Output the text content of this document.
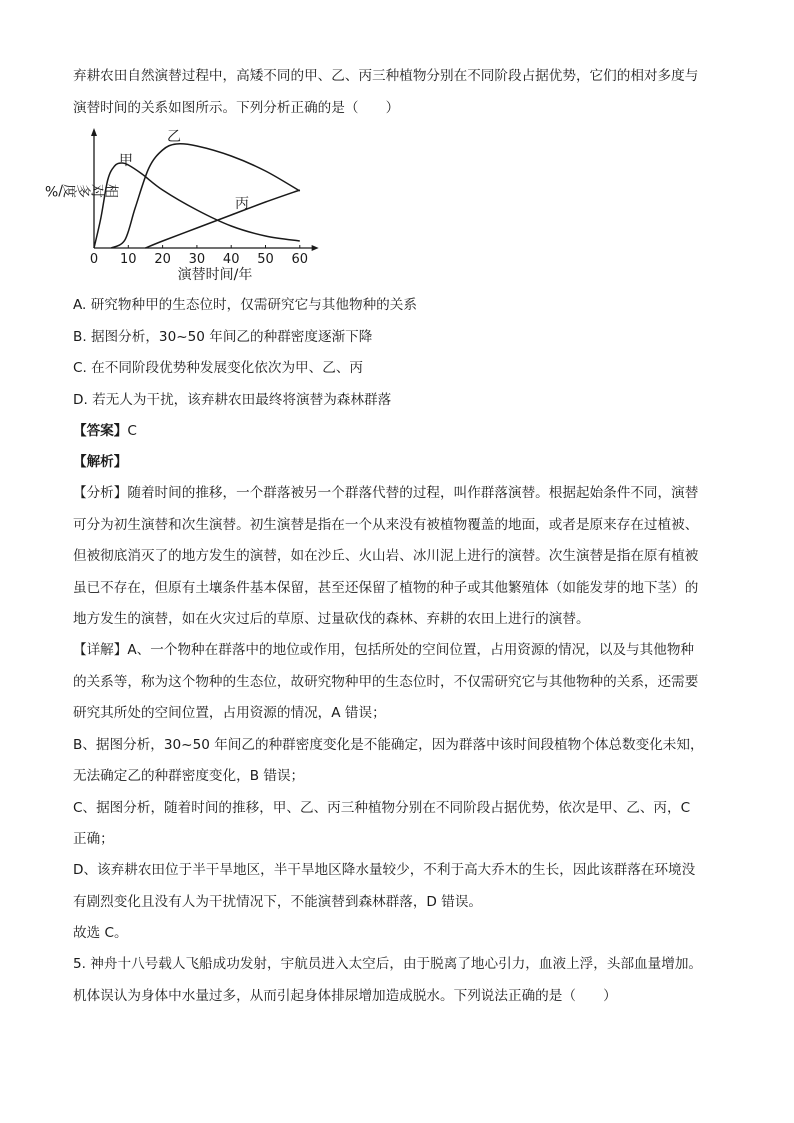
弃耕农田自然演替过程中，高矮不同的甲、乙、丙三种植物分别在不同阶段占据优势，它们的相对多度与
演替时间的关系如图所示。下列分析正确的是（　　）
相对多度/%
甲
乙
丙
0 10 20 30 40 50 60
演替时间/年
A. 研究物种甲的生态位时，仅需研究它与其他物种的关系
B. 据图分析，30~50 年间乙的种群密度逐渐下降
C. 在不同阶段优势种发展变化依次为甲、乙、丙
D. 若无人为干扰，该弃耕农田最终将演替为森林群落
【答案】C
【解析】
【分析】随着时间的推移，一个群落被另一个群落代替的过程，叫作群落演替。根据起始条件不同，演替
可分为初生演替和次生演替。初生演替是指在一个从来没有被植物覆盖的地面，或者是原来存在过植被、
但被彻底消灭了的地方发生的演替，如在沙丘、火山岩、冰川泥上进行的演替。次生演替是指在原有植被
虽已不存在，但原有土壤条件基本保留，甚至还保留了植物的种子或其他繁殖体（如能发芽的地下茎）的
地方发生的演替，如在火灾过后的草原、过量砍伐的森林、弃耕的农田上进行的演替。
【详解】A、一个物种在群落中的地位或作用，包括所处的空间位置，占用资源的情况，以及与其他物种
的关系等，称为这个物种的生态位，故研究物种甲的生态位时，不仅需研究它与其他物种的关系，还需要
研究其所处的空间位置，占用资源的情况，A 错误；
B、据图分析，30~50 年间乙的种群密度变化是不能确定，因为群落中该时间段植物个体总数变化未知，
无法确定乙的种群密度变化，B 错误；
C、据图分析，随着时间的推移，甲、乙、丙三种植物分别在不同阶段占据优势，依次是甲、乙、丙，C
正确；
D、该弃耕农田位于半干旱地区，半干旱地区降水量较少，不利于高大乔木的生长，因此该群落在环境没
有剧烈变化且没有人为干扰情况下，不能演替到森林群落，D 错误。
故选 C。
5. 神舟十八号载人飞船成功发射，宇航员进入太空后，由于脱离了地心引力，血液上浮，头部血量增加。
机体误认为身体中水量过多，从而引起身体排尿增加造成脱水。下列说法正确的是（　　）
